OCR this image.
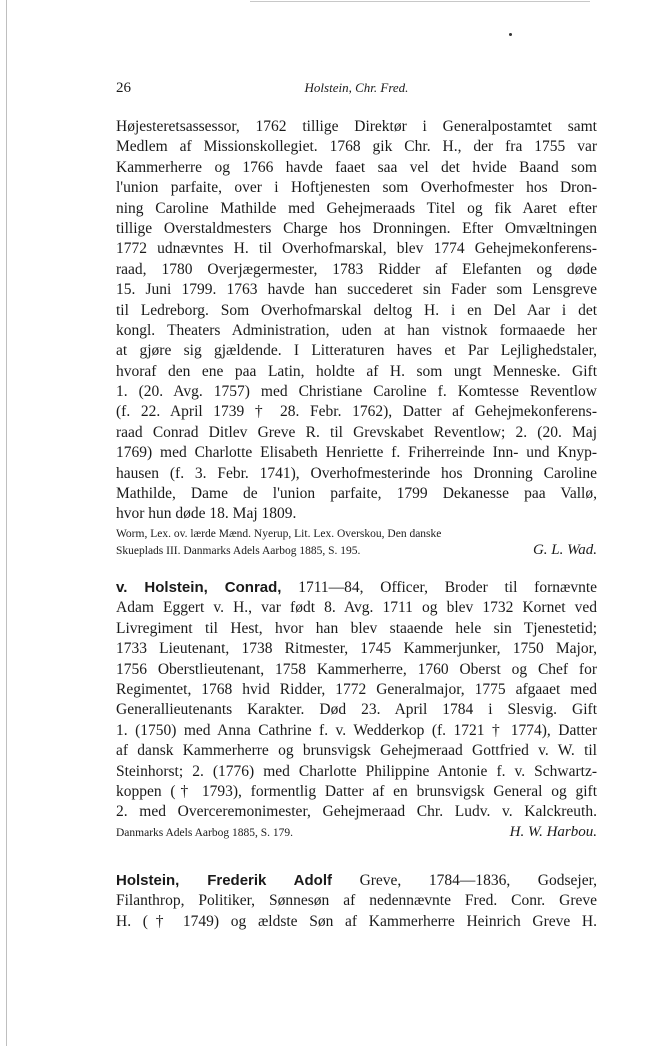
26	Holstein, Chr. Fred.
Højesteretsassessor, 1762 tillige Direktør i Generalpostamtet samt
Medlem af Missionskollegiet. 1768 gik Chr. H., der fra 1755 var
Kammerherre og 1766 havde faaet saa vel det hvide Baand som
l'union parfaite, over i Hoftjenesten som Overhofmester hos Dron-
ning Caroline Mathilde med Gehejmeraads Titel og fik Aaret efter
tillige Overstaldmesters Charge hos Dronningen. Efter Omvæltningen
1772 udnævntes H. til Overhofmarskal, blev 1774 Gehejmekonferens-
raad, 1780 Overjægermester, 1783 Ridder af Elefanten og døde
15. Juni 1799. 1763 havde han succederet sin Fader som Lensgreve
til Ledreborg. Som Overhofmarskal deltog H. i en Del Aar i det
kongl. Theaters Administration, uden at han vistnok formaaede her
at gjøre sig gjældende. I Litteraturen haves et Par Lejlighedstaler,
hvoraf den ene paa Latin, holdte af H. som ungt Menneske. Gift
1. (20. Avg. 1757) med Christiane Caroline f. Komtesse Reventlow
(f. 22. April 1739 † 28. Febr. 1762), Datter af Gehejmekonferens-
raad Conrad Ditlev Greve R. til Grevskabet Reventlow; 2. (20. Maj
1769) med Charlotte Elisabeth Henriette f. Friherreinde Inn- und Knyp-
hausen (f. 3. Febr. 1741), Overhofmesterinde hos Dronning Caroline
Mathilde, Dame de l'union parfaite, 1799 Dekanesse paa Vallø,
hvor hun døde 18. Maj 1809.
Worm, Lex. ov. lærde Mænd. Nyerup, Lit. Lex. Overskou, Den danske
Skueplads III. Danmarks Adels Aarbog 1885, S. 195.	G. L. Wad.
v. Holstein, Conrad, 1711—84, Officer, Broder til fornævnte
Adam Eggert v. H., var født 8. Avg. 1711 og blev 1732 Kornet ved
Livregiment til Hest, hvor han blev staaende hele sin Tjenestetid;
1733 Lieutenant, 1738 Ritmester, 1745 Kammerjunker, 1750 Major,
1756 Oberstlieutenant, 1758 Kammerherre, 1760 Oberst og Chef for
Regimentet, 1768 hvid Ridder, 1772 Generalmajor, 1775 afgaaet med
Generallieutenants Karakter. Død 23. April 1784 i Slesvig. Gift
1. (1750) med Anna Cathrine f. v. Wedderkop (f. 1721 † 1774), Datter
af dansk Kammerherre og brunsvigsk Gehejmeraad Gottfried v. W. til
Steinhorst; 2. (1776) med Charlotte Philippine Antonie f. v. Schwartz-
koppen († 1793), formentlig Datter af en brunsvigsk General og gift
2. med Overceremonimester, Gehejmeraad Chr. Ludv. v. Kalckreuth.
Danmarks Adels Aarbog 1885, S. 179.	H. W. Harbou.
Holstein, Frederik Adolf Greve, 1784—1836, Godsejer,
Filanthrop, Politiker, Sønnesøn af nedennævnte Fred. Conr. Greve
H. († 1749) og ældste Søn af Kammerherre Heinrich Greve H.
